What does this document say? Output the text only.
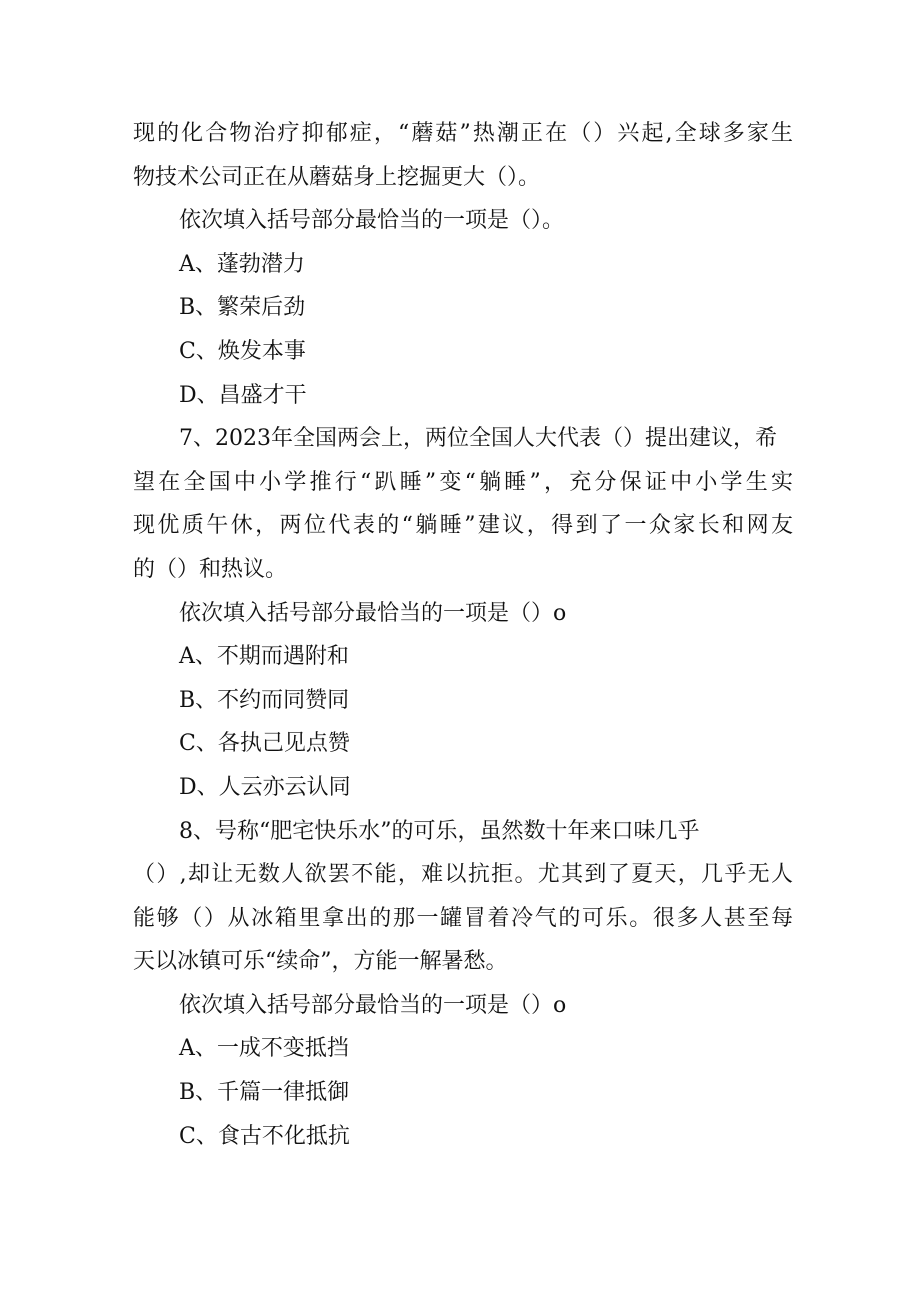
现的化合物治疗抑郁症，“蘑菇”热潮正在（）兴起,全球多家生
物技术公司正在从蘑菇身上挖掘更大（）。
依次填入括号部分最恰当的一项是（）。
A、蓬勃潜力
B、繁荣后劲
C、焕发本事
D、昌盛才干
7、2023年全国两会上，两位全国人大代表（）提出建议，希
望在全国中小学推行“趴睡”变“躺睡”，充分保证中小学生实
现优质午休，两位代表的“躺睡”建议，得到了一众家长和网友
的（）和热议。
依次填入括号部分最恰当的一项是（）o
A、不期而遇附和
B、不约而同赞同
C、各执己见点赞
D、人云亦云认同
8、号称“肥宅快乐水”的可乐，虽然数十年来口味几乎
（）,却让无数人欲罢不能，难以抗拒。尤其到了夏天，几乎无人
能够（）从冰箱里拿出的那一罐冒着冷气的可乐。很多人甚至每
天以冰镇可乐“续命”，方能一解暑愁。
依次填入括号部分最恰当的一项是（）o
A、一成不变抵挡
B、千篇一律抵御
C、食古不化抵抗
